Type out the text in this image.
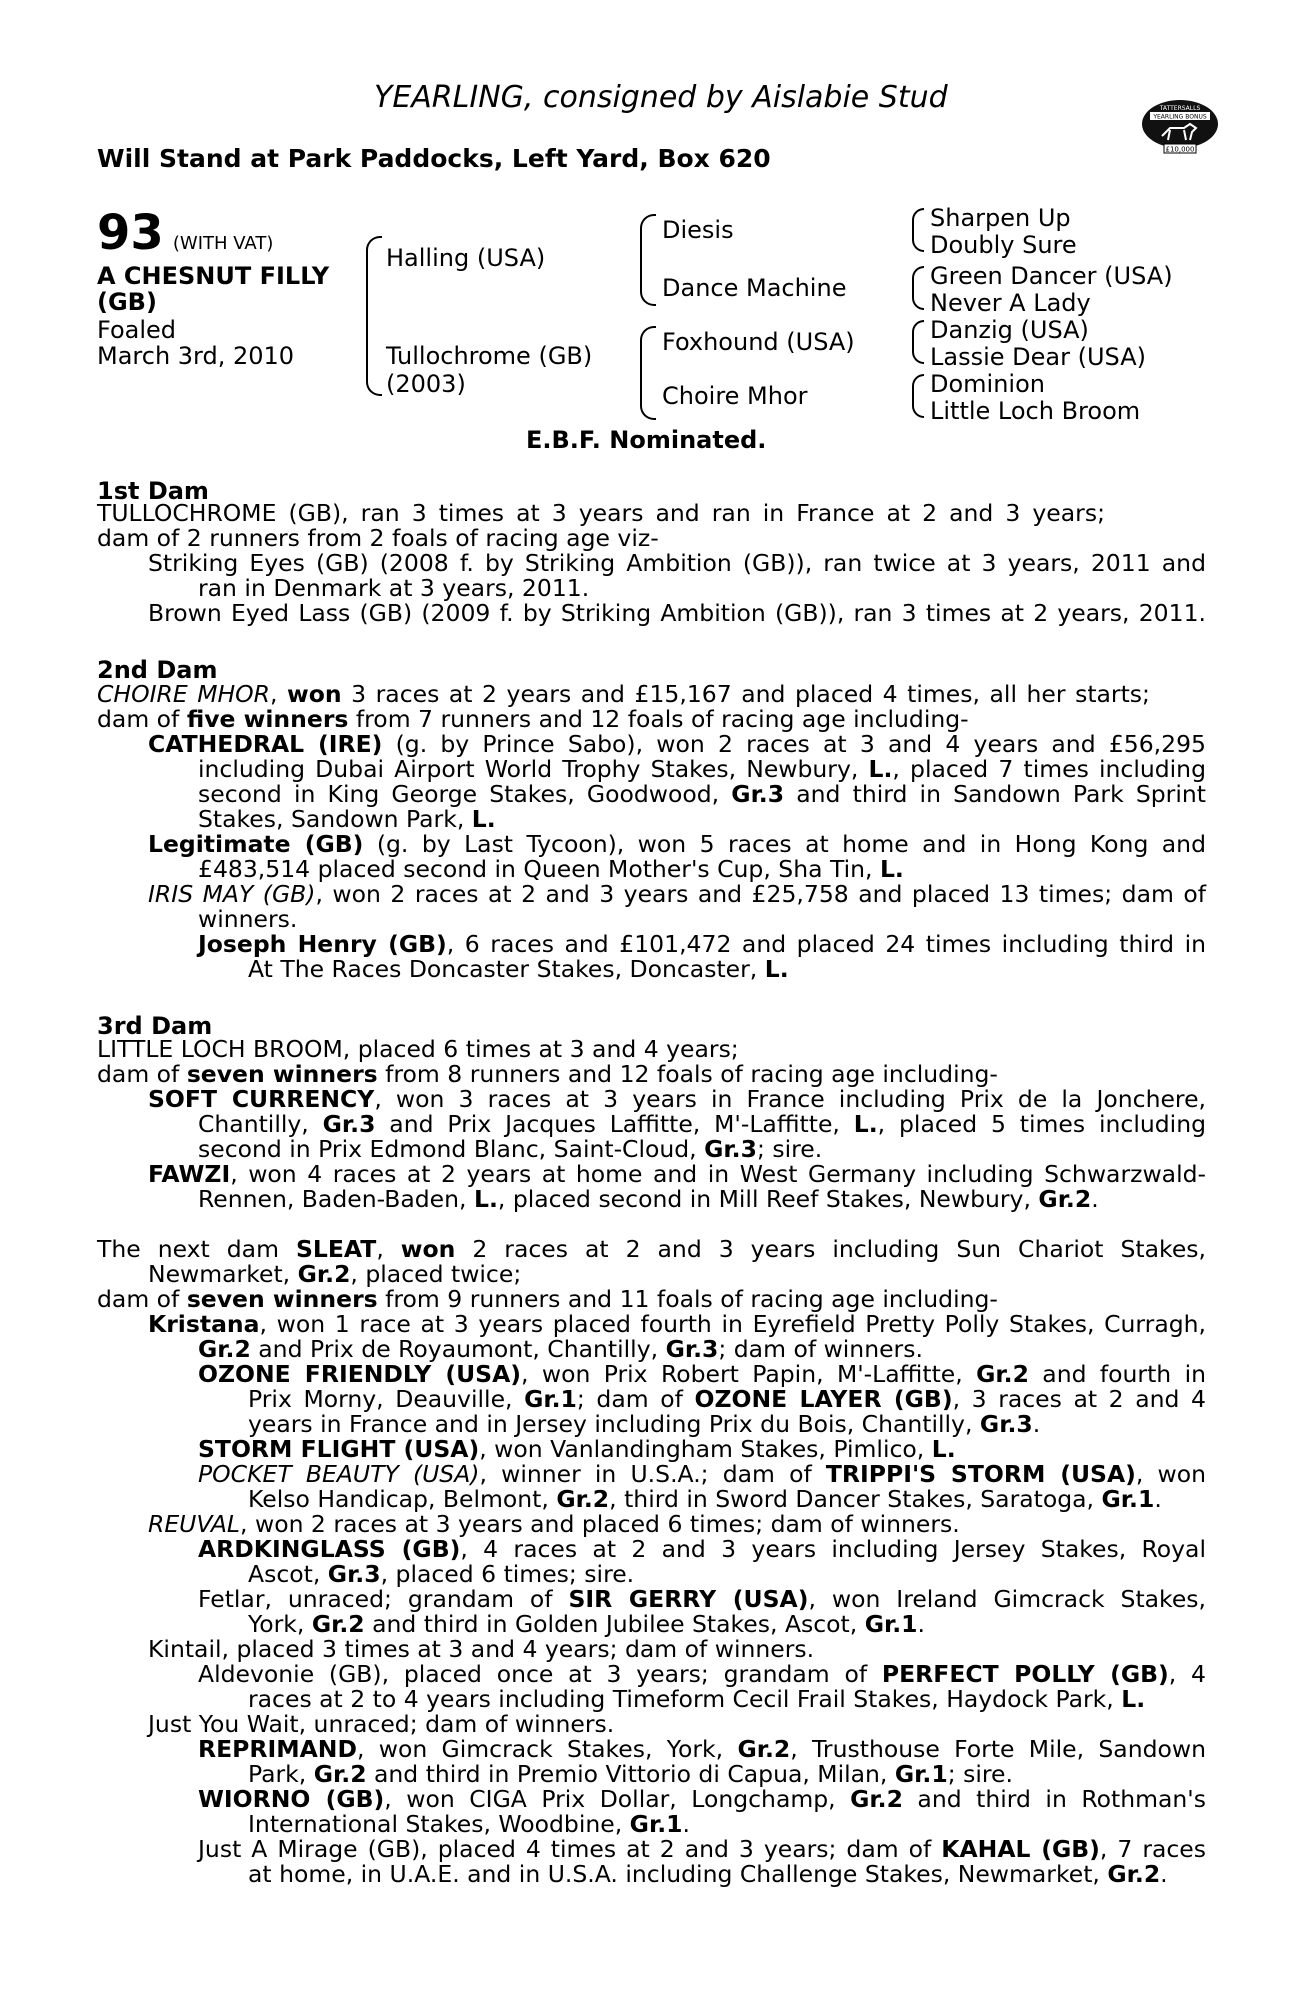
YEARLING, consigned by Aislabie Stud
Will Stand at Park Paddocks, Left Yard, Box 620
TATTERSALLS
YEARLING BONUS
£10,000
93 (WITH VAT)
A CHESNUT FILLY
(GB)
Foaled
March 3rd, 2010
Halling (USA)
Tullochrome (GB)
(2003)
Diesis
Dance Machine
Foxhound (USA)
Choire Mhor
Sharpen Up
Doubly Sure
Green Dancer (USA)
Never A Lady
Danzig (USA)
Lassie Dear (USA)
Dominion
Little Loch Broom
E.B.F. Nominated.
1st Dam
2nd Dam
3rd Dam
TULLOCHROME (GB), ran 3 times at 3 years and ran in France at 2 and 3 years;
dam of 2 runners from 2 foals of racing age viz-
Striking Eyes (GB) (2008 f. by Striking Ambition (GB)), ran twice at 3 years, 2011 and
ran in Denmark at 3 years, 2011.
Brown Eyed Lass (GB) (2009 f. by Striking Ambition (GB)), ran 3 times at 2 years, 2011.
CHOIRE MHOR, won 3 races at 2 years and £15,167 and placed 4 times, all her starts;
dam of five winners from 7 runners and 12 foals of racing age including-
CATHEDRAL (IRE) (g. by Prince Sabo), won 2 races at 3 and 4 years and £56,295
including Dubai Airport World Trophy Stakes, Newbury, L., placed 7 times including
second in King George Stakes, Goodwood, Gr.3 and third in Sandown Park Sprint
Stakes, Sandown Park, L.
Legitimate (GB) (g. by Last Tycoon), won 5 races at home and in Hong Kong and
£483,514 placed second in Queen Mother's Cup, Sha Tin, L.
IRIS MAY (GB), won 2 races at 2 and 3 years and £25,758 and placed 13 times; dam of
winners.
Joseph Henry (GB), 6 races and £101,472 and placed 24 times including third in
At The Races Doncaster Stakes, Doncaster, L.
LITTLE LOCH BROOM, placed 6 times at 3 and 4 years;
dam of seven winners from 8 runners and 12 foals of racing age including-
SOFT CURRENCY, won 3 races at 3 years in France including Prix de la Jonchere,
Chantilly, Gr.3 and Prix Jacques Laffitte, M'-Laffitte, L., placed 5 times including
second in Prix Edmond Blanc, Saint-Cloud, Gr.3; sire.
FAWZI, won 4 races at 2 years at home and in West Germany including Schwarzwald-
Rennen, Baden-Baden, L., placed second in Mill Reef Stakes, Newbury, Gr.2.
The next dam SLEAT, won 2 races at 2 and 3 years including Sun Chariot Stakes,
Newmarket, Gr.2, placed twice;
dam of seven winners from 9 runners and 11 foals of racing age including-
Kristana, won 1 race at 3 years placed fourth in Eyrefield Pretty Polly Stakes, Curragh,
Gr.2 and Prix de Royaumont, Chantilly, Gr.3; dam of winners.
OZONE FRIENDLY (USA), won Prix Robert Papin, M'-Laffitte, Gr.2 and fourth in
Prix Morny, Deauville, Gr.1; dam of OZONE LAYER (GB), 3 races at 2 and 4
years in France and in Jersey including Prix du Bois, Chantilly, Gr.3.
STORM FLIGHT (USA), won Vanlandingham Stakes, Pimlico, L.
POCKET BEAUTY (USA), winner in U.S.A.; dam of TRIPPI'S STORM (USA), won
Kelso Handicap, Belmont, Gr.2, third in Sword Dancer Stakes, Saratoga, Gr.1.
REUVAL, won 2 races at 3 years and placed 6 times; dam of winners.
ARDKINGLASS (GB), 4 races at 2 and 3 years including Jersey Stakes, Royal
Ascot, Gr.3, placed 6 times; sire.
Fetlar, unraced; grandam of SIR GERRY (USA), won Ireland Gimcrack Stakes,
York, Gr.2 and third in Golden Jubilee Stakes, Ascot, Gr.1.
Kintail, placed 3 times at 3 and 4 years; dam of winners.
Aldevonie (GB), placed once at 3 years; grandam of PERFECT POLLY (GB), 4
races at 2 to 4 years including Timeform Cecil Frail Stakes, Haydock Park, L.
Just You Wait, unraced; dam of winners.
REPRIMAND, won Gimcrack Stakes, York, Gr.2, Trusthouse Forte Mile, Sandown
Park, Gr.2 and third in Premio Vittorio di Capua, Milan, Gr.1; sire.
WIORNO (GB), won CIGA Prix Dollar, Longchamp, Gr.2 and third in Rothman's
International Stakes, Woodbine, Gr.1.
Just A Mirage (GB), placed 4 times at 2 and 3 years; dam of KAHAL (GB), 7 races
at home, in U.A.E. and in U.S.A. including Challenge Stakes, Newmarket, Gr.2.
